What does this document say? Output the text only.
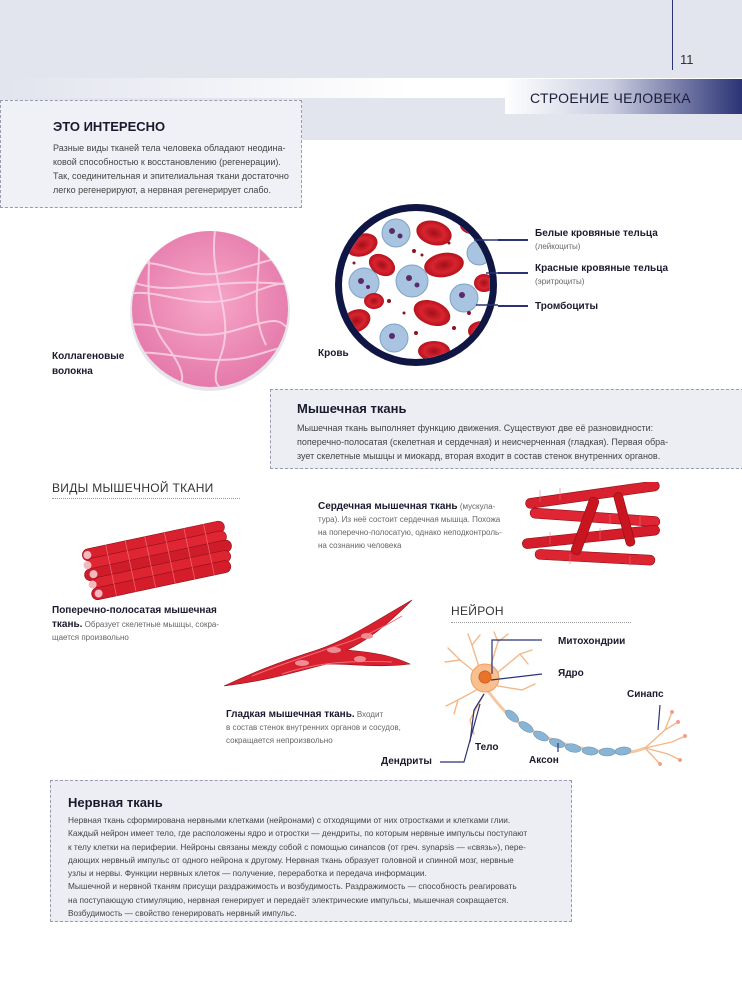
11
СТРОЕНИЕ ЧЕЛОВЕКА
ЭТО ИНТЕРЕСНО
Разные виды тканей тела человека обладают неодина-
ковой способностью к восстановлению (регенерации).
Так, соединительная и эпителиальная ткани достаточно
легко регенерируют, а нервная регенерирует слабо.
Коллагеновые
волокна
Белые кровяные тельца
(лейкоциты)
Красные кровяные тельца
(эритроциты)
Тромбоциты
Кровь
Мышечная ткань
Мышечная ткань выполняет функцию движения. Существуют две её разновидности:
поперечно-полосатая (скелетная и сердечная) и неисчерченная (гладкая). Первая обра-
зует скелетные мышцы и миокард, вторая входит в состав стенок внутренних органов.
ВИДЫ МЫШЕЧНОЙ ТКАНИ
Сердечная мышечная ткань (мускула-
тура). Из неё состоит сердечная мышца. Похожа
на поперечно-полосатую, однако неподконтроль-
на сознанию человека
Поперечно-полосатая мышечная
ткань. Образует скелетные мышцы, сокра-
щается произвольно
Гладкая мышечная ткань. Входит
в состав стенок внутренних органов и сосудов,
сокращается непроизвольно
НЕЙРОН
Митохондрии
Ядро
Синапс
Тело
Аксон
Дендриты
Нервная ткань
Нервная ткань сформирована нервными клетками (нейронами) с отходящими от них отростками и клетками глии.
Каждый нейрон имеет тело, где расположены ядро и отростки — дендриты, по которым нервные импульсы поступают
к телу клетки на периферии. Нейроны связаны между собой с помощью синапсов (от греч. synapsis — «связь»), пере-
дающих нервный импульс от одного нейрона к другому. Нервная ткань образует головной и спинной мозг, нервные
узлы и нервы. Функции нервных клеток — получение, переработка и передача информации.
Мышечной и нервной тканям присущи раздражимость и возбудимость. Раздражимость — способность реагировать
на поступающую стимуляцию, нервная генерирует и передаёт электрические импульсы, мышечная сокращается.
Возбудимость — свойство генерировать нервный импульс.
